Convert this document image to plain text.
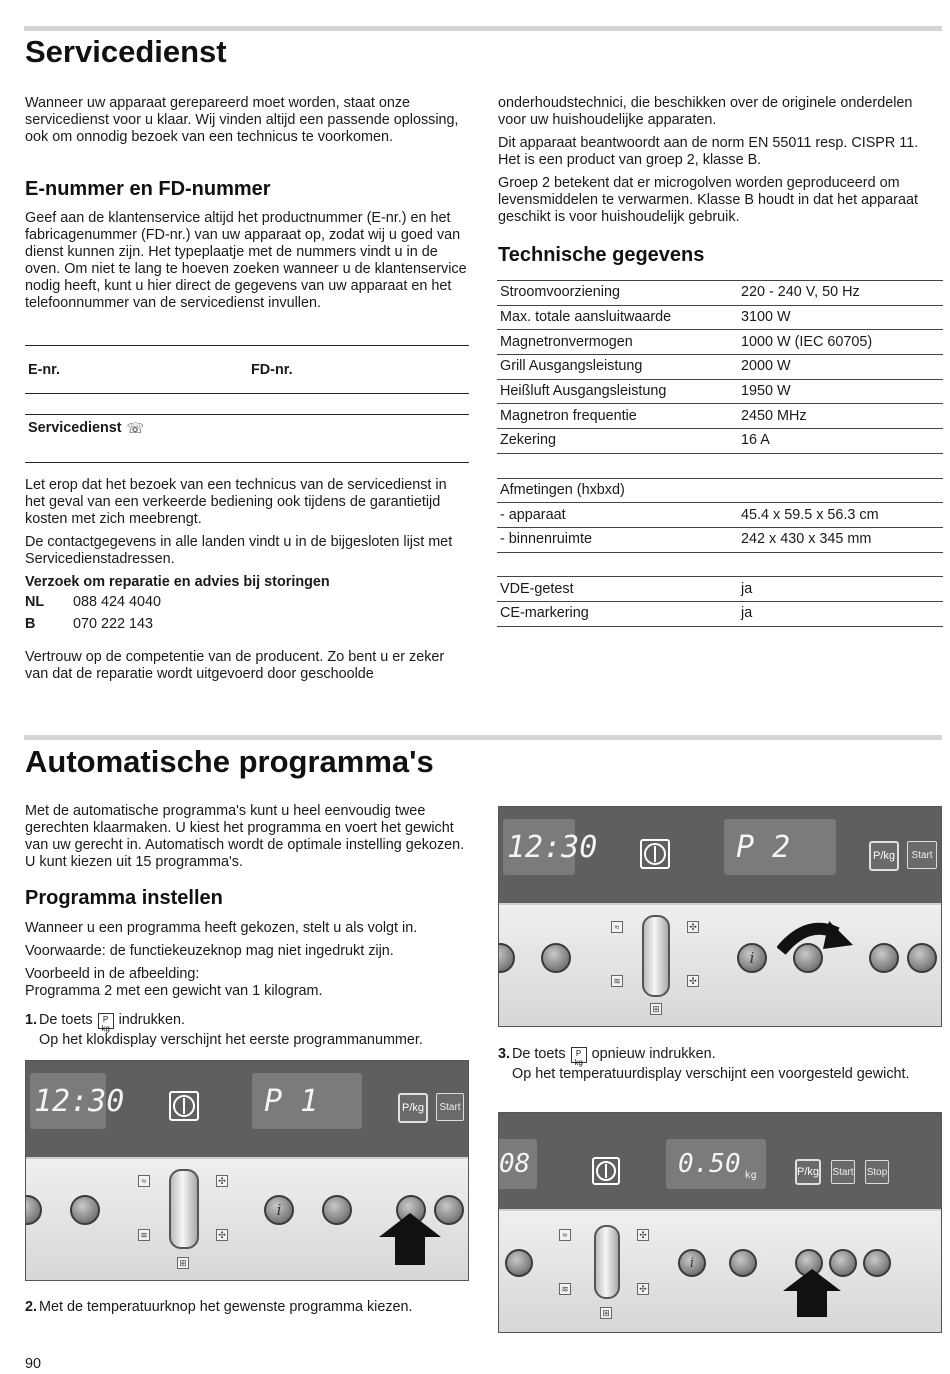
Servicedienst

Wanneer uw apparaat gerepareerd moet worden, staat onze servicedienst voor u klaar. Wij vinden altijd een passende oplossing, ook om onnodig bezoek van een technicus te voorkomen.

E-nummer en FD-nummer

Geef aan de klantenservice altijd het productnummer (E-nr.) en het fabricagenummer (FD-nr.) van uw apparaat op, zodat wij u goed van dienst kunnen zijn. Het typeplaatje met de nummers vindt u in de oven. Om niet te lang te hoeven zoeken wanneer u de klantenservice nodig heeft, kunt u hier direct de gegevens van uw apparaat en het telefoonnummer van de servicedienst invullen.

E-nr.	FD-nr.
Servicedienst ☏

Let erop dat het bezoek van een technicus van de servicedienst in het geval van een verkeerde bediening ook tijdens de garantietijd kosten met zich meebrengt.

De contactgegevens in alle landen vindt u in de bijgesloten lijst met Servicedienstadressen.

Verzoek om reparatie en advies bij storingen

NL	088 424 4040
B	070 222 143

Vertrouw op de competentie van de producent. Zo bent u er zeker van dat de reparatie wordt uitgevoerd door geschoolde

onderhoudstechnici, die beschikken over de originele onderdelen voor uw huishoudelijke apparaten.

Dit apparaat beantwoordt aan de norm EN 55011 resp. CISPR 11. Het is een product van groep 2, klasse B.

Groep 2 betekent dat er microgolven worden geproduceerd om levensmiddelen te verwarmen. Klasse B houdt in dat het apparaat geschikt is voor huishoudelijk gebruik.

Technische gegevens
Stroomvoorziening	220 - 240 V, 50 Hz
Max. totale aansluitwaarde	3100 W
Magnetronvermogen	1000 W (IEC 60705)
Grill Ausgangsleistung	2000 W
Heißluft Ausgangsleistung	1950 W
Magnetron frequentie	2450 MHz
Zekering	16 A

Afmetingen (hxbxd)	
- apparaat	45.4 x 59.5 x 56.3 cm
- binnenruimte	242 x 430 x 345 mm

VDE-getest	ja
CE-markering	ja
Automatische programma's

Met de automatische programma's kunt u heel eenvoudig twee gerechten klaarmaken. U kiest het programma en voert het gewicht van uw gerecht in. Automatisch wordt de optimale instelling gekozen. U kunt kiezen uit 15 programma's.

Programma instellen

Wanneer u een programma heeft gekozen, stelt u als volgt in.

Voorwaarde: de functiekeuzeknop mag niet ingedrukt zijn.

Voorbeeld in de afbeelding:

Programma 2 met een gewicht van 1 kilogram.

1. De toets	P
kg indrukken.

Op het klokdisplay verschijnt het eerste programmanummer.

12:30	P 1	P/kg	Start
≈
≋
✣
✣
⊞
i
2. Met de temperatuurknop het gewenste programma kiezen.
12:30	P 2	P/kg	Start
≈
≋
✣
✣
⊞
i
3. De toets	P
kg opnieuw indrukken.

Op het temperatuurdisplay verschijnt een voorgesteld gewicht.

08	0.50 kg	P/kg Start Stop
≈
≋
✣
✣
⊞
i
90
